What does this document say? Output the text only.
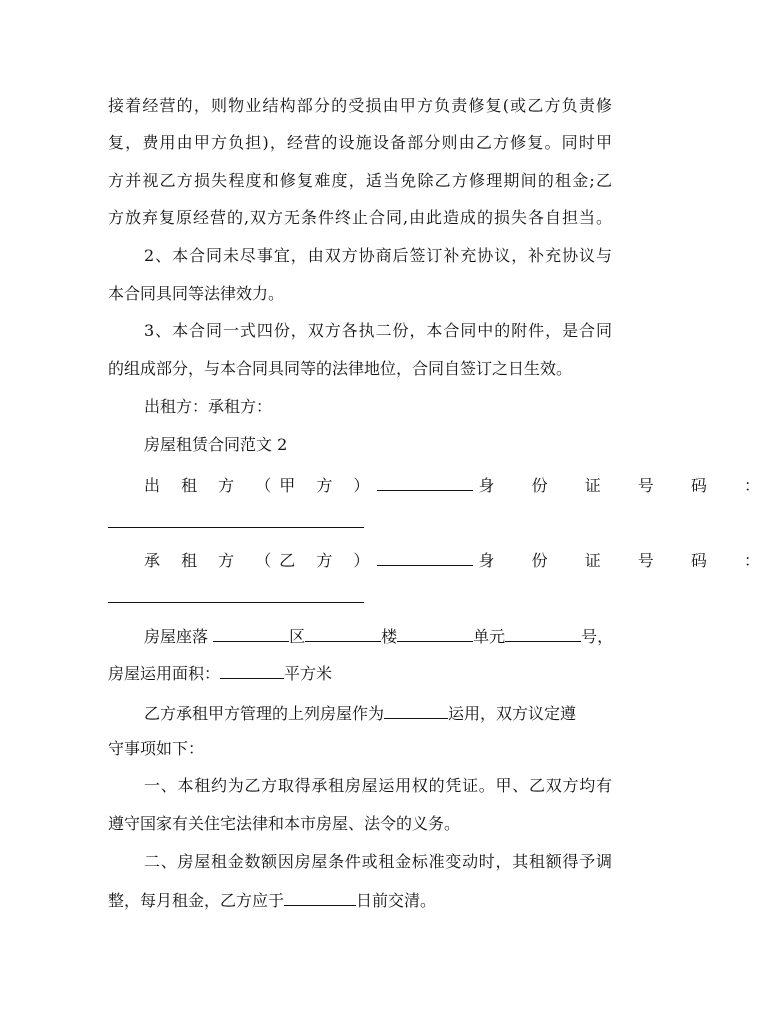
接着经营的，则物业结构部分的受损由甲方负责修复(或乙方负责修
复，费用由甲方负担)，经营的设施设备部分则由乙方修复。同时甲
方并视乙方损失程度和修复难度，适当免除乙方修理期间的租金;乙
方放弃复原经营的,双方无条件终止合同,由此造成的损失各自担当。
2、本合同未尽事宜，由双方协商后签订补充协议，补充协议与
本合同具同等法律效力。
3、本合同一式四份，双方各执二份，本合同中的附件，是合同
的组成部分，与本合同具同等的法律地位，合同自签订之日生效。
出租方：承租方：
房屋租赁合同范文 2
出 租 方 （甲 方 ）	身 份 证 号 码 ：
承 租 方 （乙 方 ）	身 份 证 号 码 ：
房屋座落	区	楼	单元	号，
房屋运用面积：	平方米
乙方承租甲方管理的上列房屋作为	运用，双方议定遵
守事项如下：
一、本租约为乙方取得承租房屋运用权的凭证。甲、乙双方均有
遵守国家有关住宅法律和本市房屋、法令的义务。
二、房屋租金数额因房屋条件或租金标准变动时，其租额得予调
整，每月租金，乙方应于	日前交清。
